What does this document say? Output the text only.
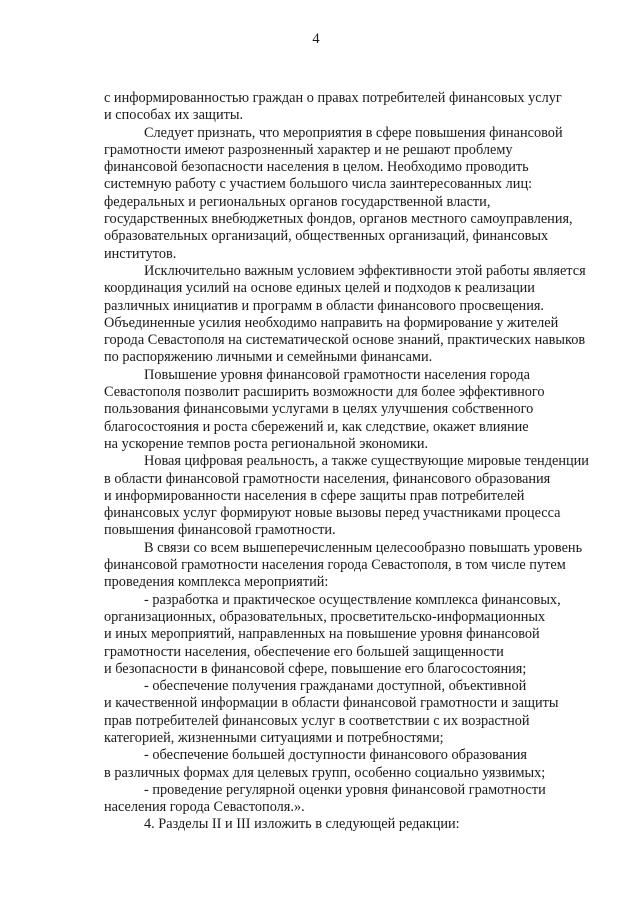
4

с информированностью граждан о правах потребителей финансовых услуг
и способах их защиты.

Следует признать, что мероприятия в сфере повышения финансовой
грамотности имеют разрозненный характер и не решают проблему
финансовой безопасности населения в целом. Необходимо проводить
системную работу с участием большого числа заинтересованных лиц:
федеральных и региональных органов государственной власти,
государственных внебюджетных фондов, органов местного самоуправления,
образовательных организаций, общественных организаций, финансовых
институтов.

Исключительно важным условием эффективности этой работы является
координация усилий на основе единых целей и подходов к реализации
различных инициатив и программ в области финансового просвещения.
Объединенные усилия необходимо направить на формирование у жителей
города Севастополя на систематической основе знаний, практических навыков
по распоряжению личными и семейными финансами.

Повышение уровня финансовой грамотности населения города
Севастополя позволит расширить возможности для более эффективного
пользования финансовыми услугами в целях улучшения собственного
благосостояния и роста сбережений и, как следствие, окажет влияние
на ускорение темпов роста региональной экономики.

Новая цифровая реальность, а также существующие мировые тенденции
в области финансовой грамотности населения, финансового образования
и информированности населения в сфере защиты прав потребителей
финансовых услуг формируют новые вызовы перед участниками процесса
повышения финансовой грамотности.

В связи со всем вышеперечисленным целесообразно повышать уровень
финансовой грамотности населения города Севастополя, в том числе путем
проведения комплекса мероприятий:

- разработка и практическое осуществление комплекса финансовых,
организационных, образовательных, просветительско-информационных
и иных мероприятий, направленных на повышение уровня финансовой
грамотности населения, обеспечение его большей защищенности
и безопасности в финансовой сфере, повышение его благосостояния;

- обеспечение получения гражданами доступной, объективной
и качественной информации в области финансовой грамотности и защиты
прав потребителей финансовых услуг в соответствии с их возрастной
категорией, жизненными ситуациями и потребностями;

- обеспечение большей доступности финансового образования
в различных формах для целевых групп, особенно социально уязвимых;

- проведение регулярной оценки уровня финансовой грамотности
населения города Севастополя.».

4. Разделы II и III изложить в следующей редакции:
